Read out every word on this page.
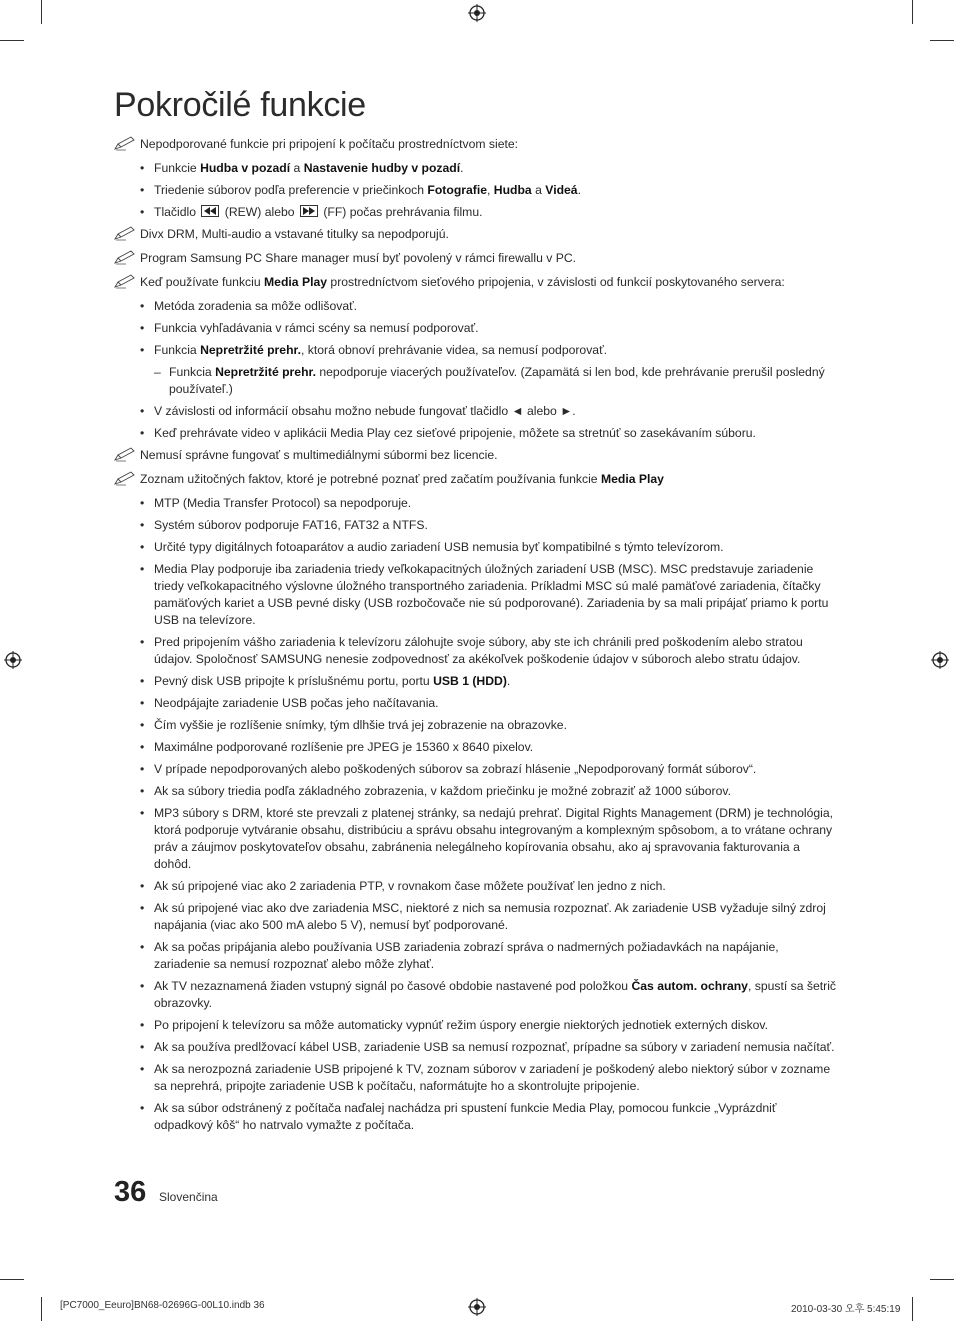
Pokročilé funkcie
Nepodporované funkcie pri pripojení k počítaču prostredníctvom siete:
• Funkcie Hudba v pozadí a Nastavenie hudby v pozadí.
• Triedenie súborov podľa preferencie v priečinkoch Fotografie, Hudba a Videá.
• Tlačidlo (REW) alebo (FF) počas prehrávania filmu.
Divx DRM, Multi-audio a vstavané titulky sa nepodporujú.
Program Samsung PC Share manager musí byť povolený v rámci firewallu v PC.
Keď používate funkciu Media Play prostredníctvom sieťového pripojenia, v závislosti od funkcií poskytovaného servera:
• Metóda zoradenia sa môže odlišovať.
• Funkcia vyhľadávania v rámci scény sa nemusí podporovať.
• Funkcia Nepretržité prehr., ktorá obnoví prehrávanie videa, sa nemusí podporovať.
– Funkcia Nepretržité prehr. nepodporuje viacerých používateľov. (Zapamätá si len bod, kde prehrávanie prerušil posledný používateľ.)
• V závislosti od informácií obsahu možno nebude fungovať tlačidlo ◄ alebo ►.
• Keď prehrávate video v aplikácii Media Play cez sieťové pripojenie, môžete sa stretnúť so zasekávaním súboru.
Nemusí správne fungovať s multimediálnymi súbormi bez licencie.
Zoznam užitočných faktov, ktoré je potrebné poznať pred začatím používania funkcie Media Play
• MTP (Media Transfer Protocol) sa nepodporuje.
• Systém súborov podporuje FAT16, FAT32 a NTFS.
• Určité typy digitálnych fotoaparátov a audio zariadení USB nemusia byť kompatibilné s týmto televízorom.
• Media Play podporuje iba zariadenia triedy veľkokapacitných úložných zariadení USB (MSC). MSC predstavuje zariadenie triedy veľkokapacitného výslovne úložného transportného zariadenia. Príkladmi MSC sú malé pamäťové zariadenia, čítačky pamäťových kariet a USB pevné disky (USB rozbočovače nie sú podporované). Zariadenia by sa mali pripájať priamo k portu USB na televízore.
• Pred pripojením vášho zariadenia k televízoru zálohujte svoje súbory, aby ste ich chránili pred poškodením alebo stratou údajov. Spoločnosť SAMSUNG nenesie zodpovednosť za akékoľvek poškodenie údajov v súboroch alebo stratu údajov.
• Pevný disk USB pripojte k príslušnému portu, portu USB 1 (HDD).
• Neodpájajte zariadenie USB počas jeho načítavania.
• Čím vyššie je rozlíšenie snímky, tým dlhšie trvá jej zobrazenie na obrazovke.
• Maximálne podporované rozlíšenie pre JPEG je 15360 x 8640 pixelov.
• V prípade nepodporovaných alebo poškodených súborov sa zobrazí hlásenie „Nepodporovaný formát súborov“.
• Ak sa súbory triedia podľa základného zobrazenia, v každom priečinku je možné zobraziť až 1000 súborov.
• MP3 súbory s DRM, ktoré ste prevzali z platenej stránky, sa nedajú prehrať. Digital Rights Management (DRM) je technológia, ktorá podporuje vytváranie obsahu, distribúciu a správu obsahu integrovaným a komplexným spôsobom, a to vrátane ochrany práv a záujmov poskytovateľov obsahu, zabránenia nelegálneho kopírovania obsahu, ako aj spravovania fakturovania a dohôd.
• Ak sú pripojené viac ako 2 zariadenia PTP, v rovnakom čase môžete používať len jedno z nich.
• Ak sú pripojené viac ako dve zariadenia MSC, niektoré z nich sa nemusia rozpoznať. Ak zariadenie USB vyžaduje silný zdroj napájania (viac ako 500 mA alebo 5 V), nemusí byť podporované.
• Ak sa počas pripájania alebo používania USB zariadenia zobrazí správa o nadmerných požiadavkách na napájanie, zariadenie sa nemusí rozpoznať alebo môže zlyhať.
• Ak TV nezaznamená žiaden vstupný signál po časové obdobie nastavené pod položkou Čas autom. ochrany, spustí sa šetrič obrazovky.
• Po pripojení k televízoru sa môže automaticky vypnúť režim úspory energie niektorých jednotiek externých diskov.
• Ak sa používa predlžovací kábel USB, zariadenie USB sa nemusí rozpoznať, prípadne sa súbory v zariadení nemusia načítať.
• Ak sa nerozpozná zariadenie USB pripojené k TV, zoznam súborov v zariadení je poškodený alebo niektorý súbor v zozname sa neprehrá, pripojte zariadenie USB k počítaču, naformátujte ho a skontrolujte pripojenie.
• Ak sa súbor odstránený z počítača naďalej nachádza pri spustení funkcie Media Play, pomocou funkcie „Vyprázdniť odpadkový kôš“ ho natrvalo vymažte z počítača.
36 Slovenčina
[PC7000_Eeuro]BN68-02696G-00L10.indb 36	2010-03-30 오후 5:45:19
